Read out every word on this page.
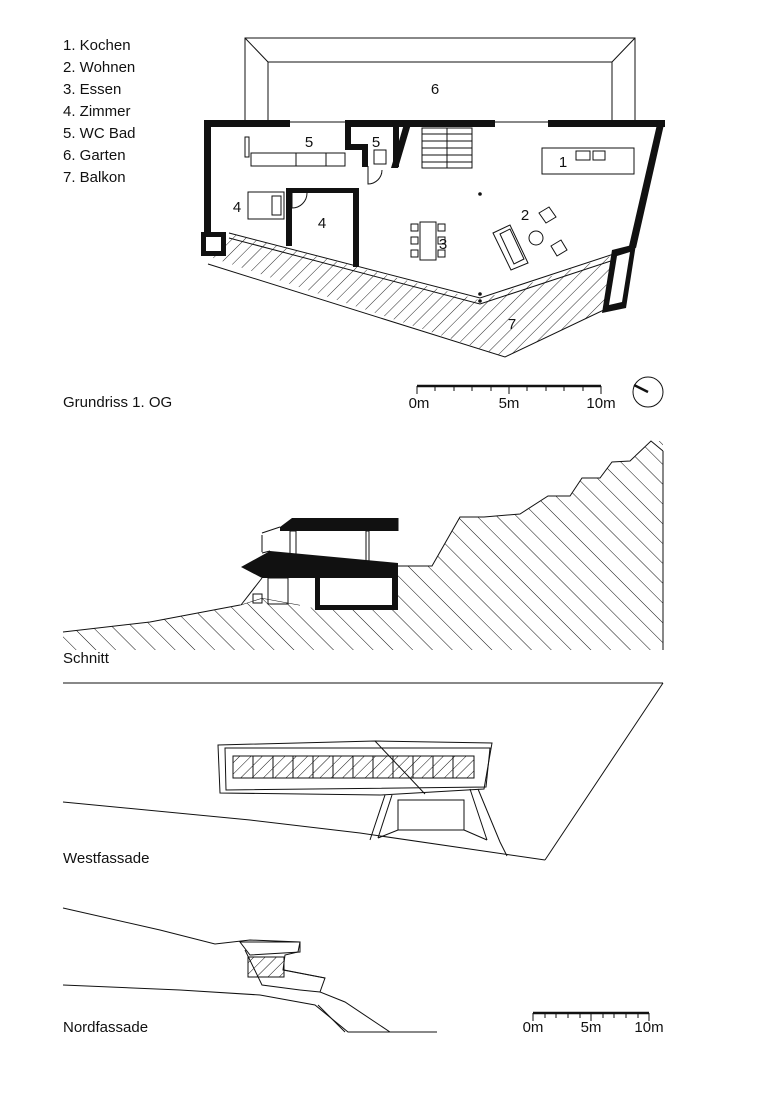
1. Kochen
2. Wohnen
3. Essen
4. Zimmer
5. WC Bad
6. Garten
7. Balkon
1
2
3
4
4
5	5
6
7
Grundriss 1. OG	0m	5m	10m
Schnitt
Westfassade
Nordfassade	0m 5m 10m
